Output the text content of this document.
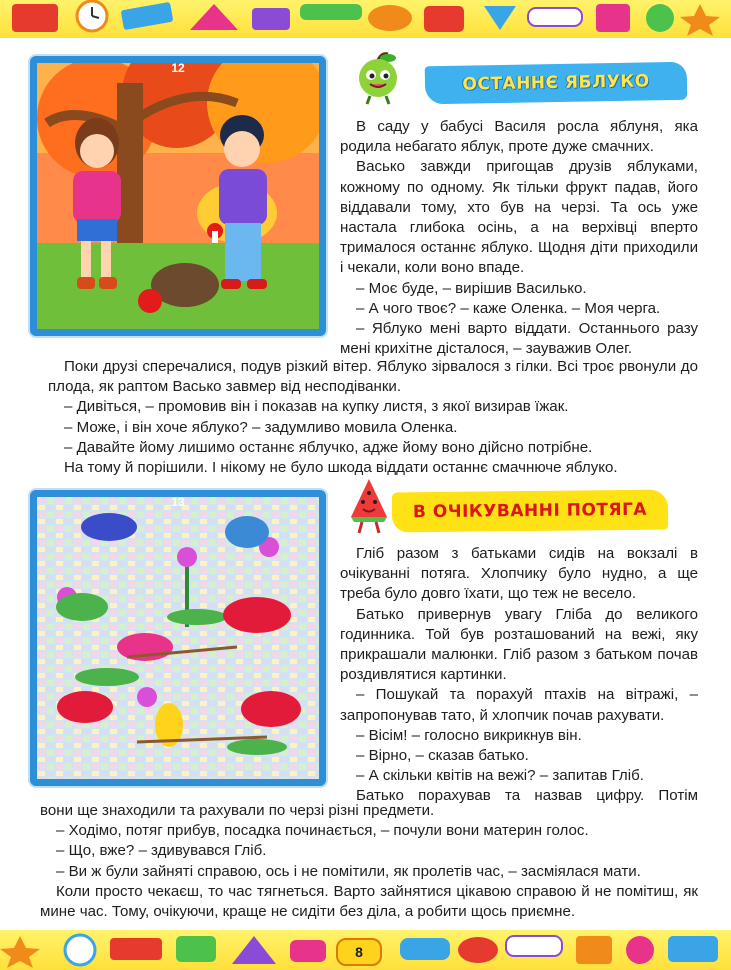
12
ОСТАННЄ ЯБЛУКО

В саду у бабусі Василя росла яблуня, яка родила небагато яблук, проте дуже смачних.

Васько завжди пригощав друзів яблуками, кожному по одному. Як тільки фрукт падав, його віддавали тому, хто був на черзі. Та ось уже настала глибока осінь, а на верхівці вперто трималося останнє яблуко. Щодня діти приходили і чекали, коли воно впаде.

– Моє буде, – вирішив Василько.

– А чого твоє? – каже Оленка. – Моя черга.

– Яблуко мені варто віддати. Останнього разу мені крихітне дісталося, – зауважив Олег.

Поки друзі сперечалися, подув різкий вітер. Яблуко зірвалося з гілки. Всі троє рвонули до плода, як раптом Васько завмер від несподіванки.

– Дивіться, – промовив він і показав на купку листя, з якої визирав їжак.

– Може, і він хоче яблуко? – задумливо мовила Оленка.

– Давайте йому лишимо останнє яблучко, адже йому воно дійсно потрібне.

На тому й порішили. І нікому не було шкода віддати останнє смачнюче яблуко.

13	В ОЧІКУВАННІ ПОТЯГА

Гліб разом з батьками сидів на вокзалі в очікуванні потяга. Хлопчику було нудно, а ще треба було довго їхати, що теж не весело.

Батько привернув увагу Гліба до великого годинника. Той був розташований на вежі, яку прикрашали малюнки. Гліб разом з батьком почав роздивлятися картинки.

– Пошукай та порахуй птахів на вітражі, – запропонував тато, й хлопчик почав рахувати.

– Вісім! – голосно викрикнув він.

– Вірно, – сказав батько.

– А скільки квітів на вежі? – запитав Гліб.

Батько порахував та назвав цифру. Потім

вони ще знаходили та рахували по черзі різні предмети.

– Ходімо, потяг прибув, посадка починається, – почули вони материн голос.

– Що, вже? – здивувався Гліб.

– Ви ж були зайняті справою, ось і не помітили, як пролетів час, – засміялася мати.

Коли просто чекаєш, то час тягнеться. Варто зайнятися цікавою справою й не помітиш, як мине час. Тому, очікуючи, краще не сидіти без діла, а робити щось приємне.

8
